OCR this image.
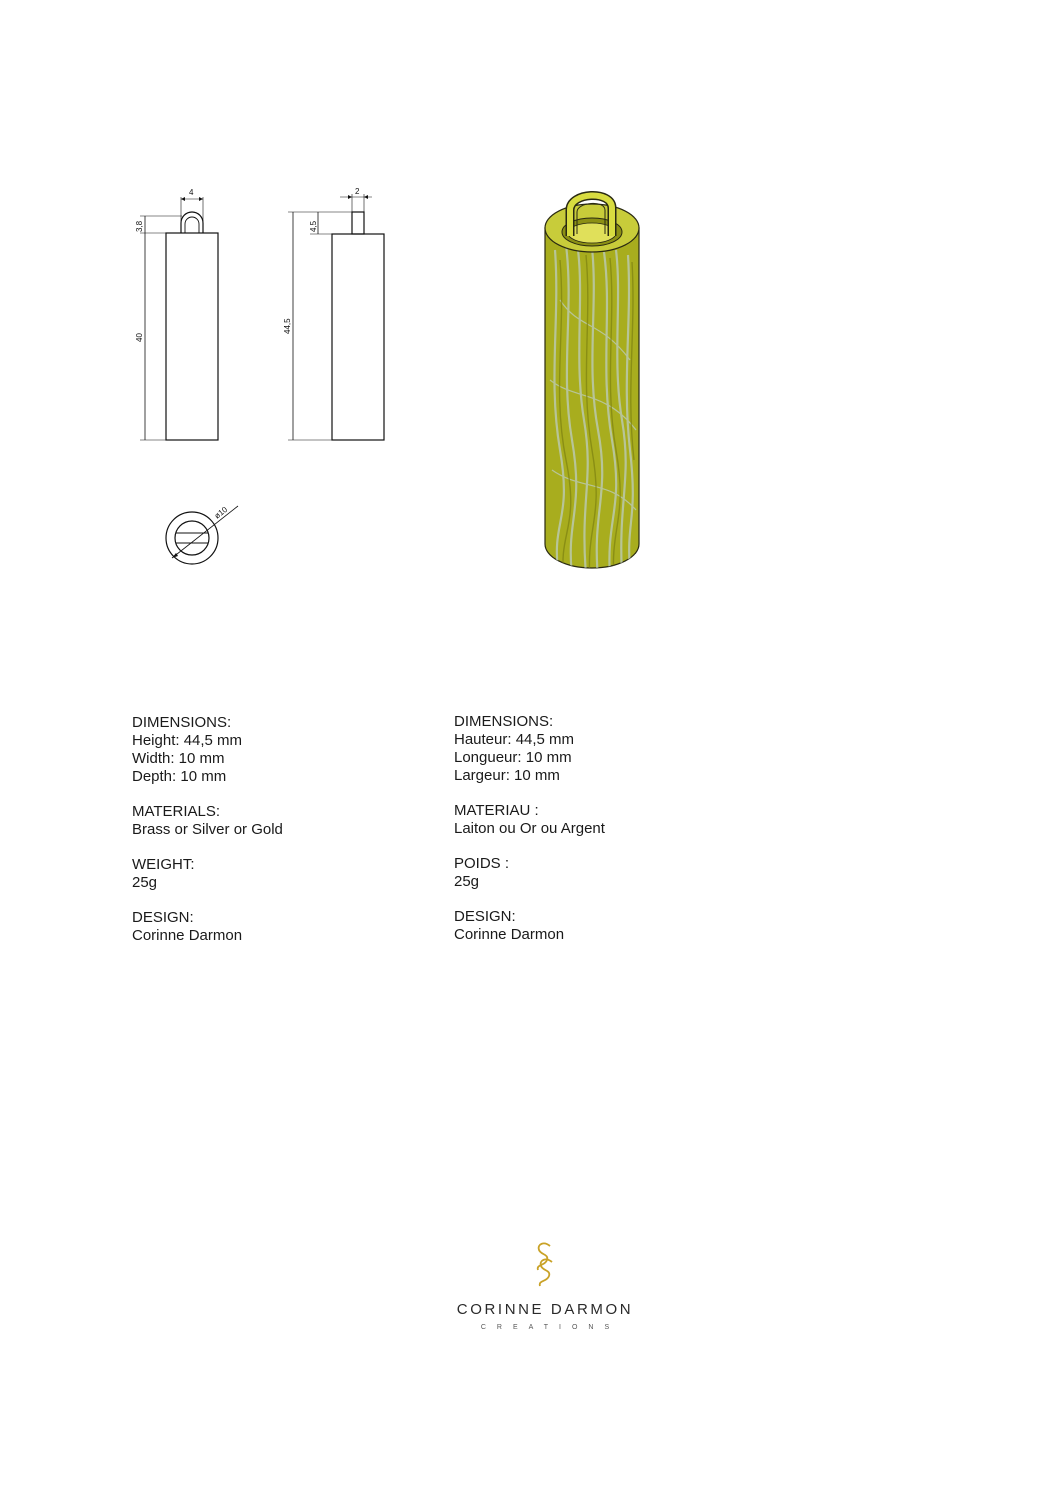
4
3,8
40
2
4,5
44,5
ø10
DIMENSIONS:
Height: 44,5 mm
Width: 10 mm
Depth: 10 mm
MATERIALS:
Brass or Silver or Gold
WEIGHT:
25g
DESIGN:
Corinne Darmon
DIMENSIONS:
Hauteur: 44,5 mm
Longueur: 10 mm
Largeur: 10 mm
MATERIAU :
Laiton ou Or ou Argent
POIDS :
25g
DESIGN:
Corinne Darmon
CORINNE DARMON
CREATIONS
